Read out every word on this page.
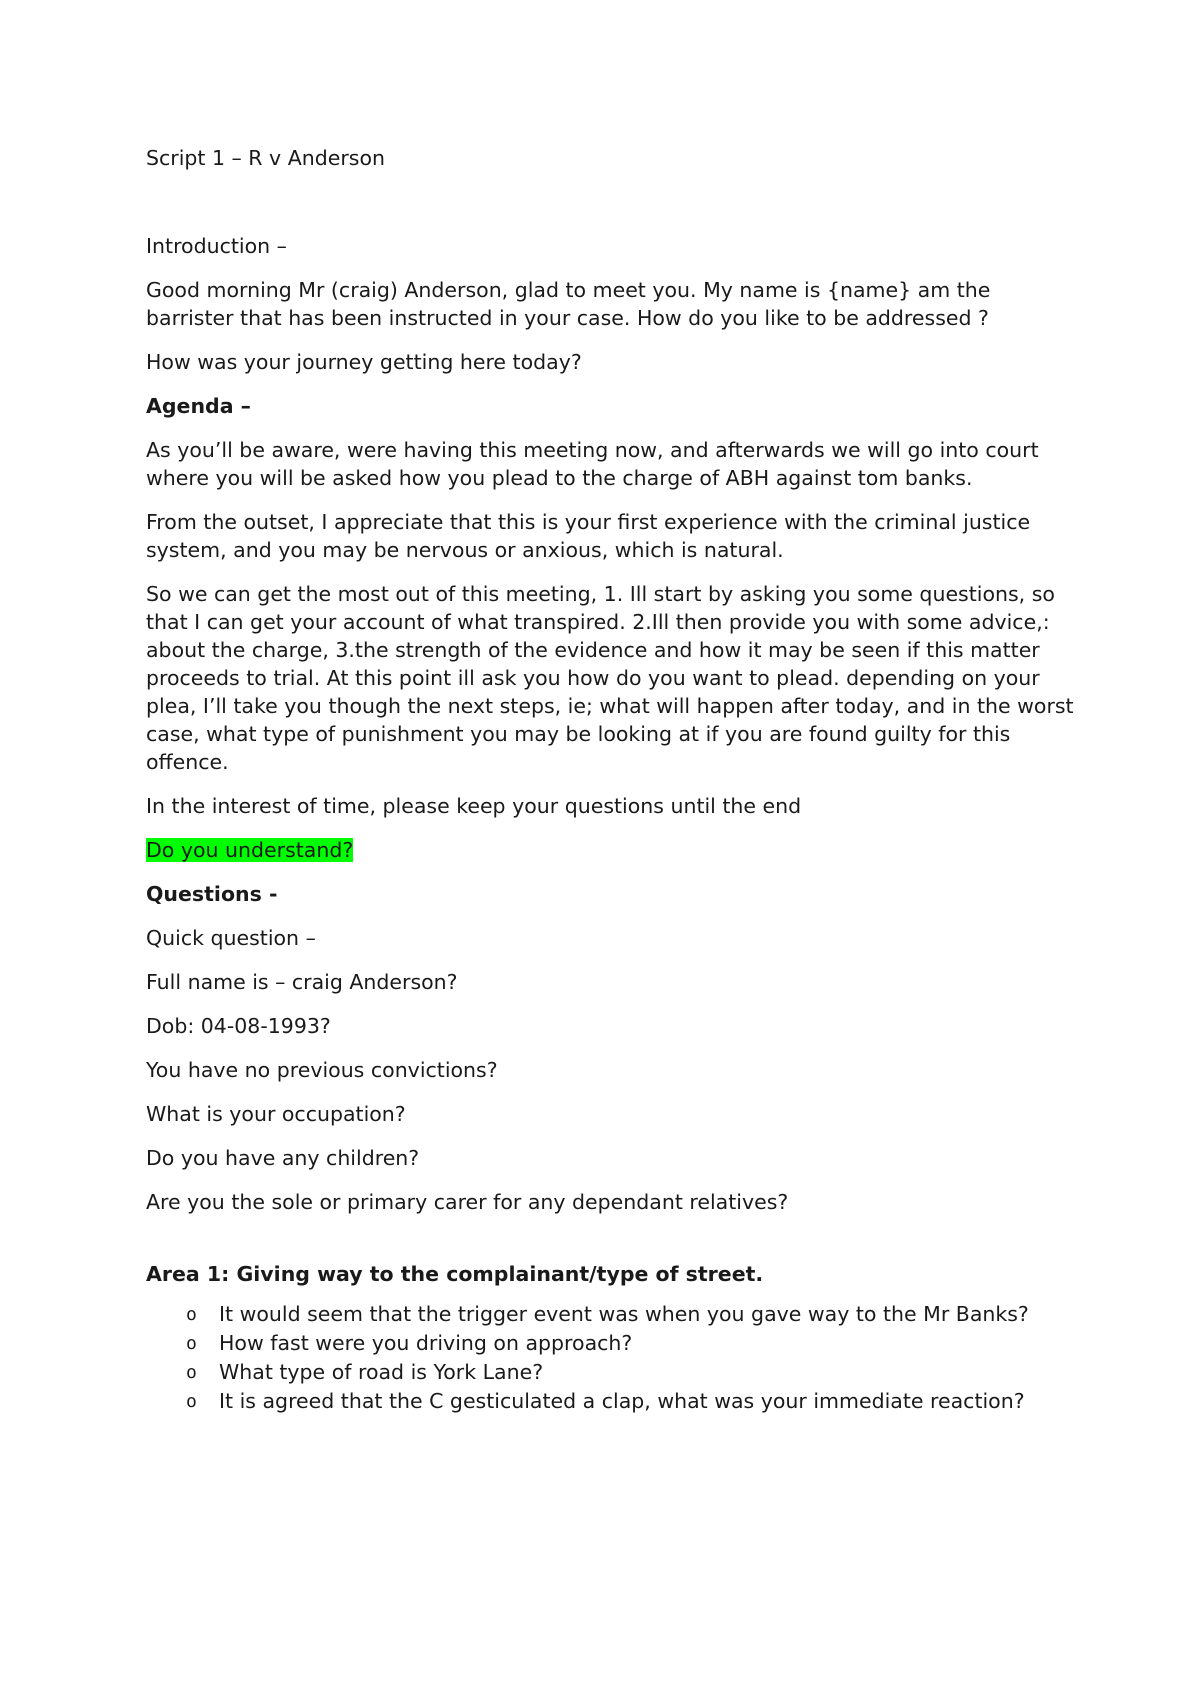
Script 1 – R v Anderson

Introduction –

Good morning Mr (craig) Anderson, glad to meet you. My name is {name} am the barrister that has been instructed in your case. How do you like to be addressed ?

How was your journey getting here today?

Agenda –

As you’ll be aware, were having this meeting now, and afterwards we will go into court where you will be asked how you plead to the charge of ABH against tom banks.

From the outset, I appreciate that this is your first experience with the criminal justice system, and you may be nervous or anxious, which is natural.

So we can get the most out of this meeting, 1. Ill start by asking you some questions, so that I can get your account of what transpired. 2.Ill then provide you with some advice,: about the charge, 3.the strength of the evidence and how it may be seen if this matter proceeds to trial. At this point ill ask you how do you want to plead. depending on your plea, I’ll take you though the next steps, ie; what will happen after today, and in the worst case, what type of punishment you may be looking at if you are found guilty for this offence.

In the interest of time, please keep your questions until the end

Do you understand?

Questions -

Quick question –

Full name is – craig Anderson?

Dob: 04-08-1993?

You have no previous convictions?

What is your occupation?

Do you have any children?

Are you the sole or primary carer for any dependant relatives?

Area 1: Giving way to the complainant/type of street.

o It would seem that the trigger event was when you gave way to the Mr Banks?
o How fast were you driving on approach?
o What type of road is York Lane?
o It is agreed that the C gesticulated a clap, what was your immediate reaction?
